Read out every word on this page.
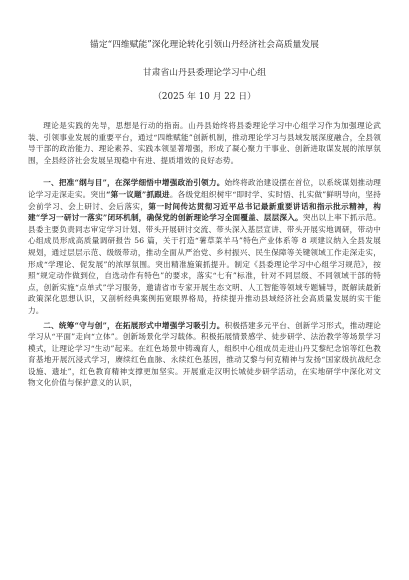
锚定“四维赋能”深化理论转化引领山丹经济社会高质量发展

甘肃省山丹县委理论学习中心组

（2025 年 10 月 22 日）

理论是实践的先导，思想是行动的指南。山丹县始终将县委理论学习中心组学习作为加强理论武装、引领事业发展的重要平台，通过“四维赋能”创新机制，推动理论学习与县域发展深度融合，全县领导干部的政治能力、理论素养、实践本领显著增强，形成了凝心聚力干事业、创新进取谋发展的浓厚氛围，全县经济社会发展呈现稳中有进、提质增效的良好态势。

一、把准“纲与目”，在深学细悟中增强政治引领力。始终将政治建设摆在首位，以系统谋划推动理论学习走深走实。突出“第一议题”抓跟进。各级党组织树牢“即时学、实时悟、扎实做”鲜明导向，坚持会前学习、会上研讨、会后落实，第一时间传达贯彻习近平总书记最新重要讲话和指示批示精神，构建“学习一研讨一落实”闭环机制，确保党的创新理论学习全面覆盖、层层深入。突出以上率下抓示范。县委主要负责同志审定学习计划、带头开展研讨交流、带头深入基层宣讲、带头开展实地调研，带动中心组成员形成高质量调研报告 56 篇，关于打造“薯草菜羊马”特色产业体系等 8 项建议纳入全县发展规划，通过层层示范、级级带动，推动全面从严治党、乡村振兴、民生保障等关键领域工作走深走实，形成“学理论、促发展”的浓厚氛围。突出精准施策抓提升。制定《县委理论学习中心组学习规范》，按照“规定动作做到位，自选动作有特色”的要求，落实“七有”标准，针对不同层级、不同领域干部的特点，创新实施“点单式”学习服务，邀请省市专家开展生态文明、人工智能等领域专题辅导，既解读最新政策深化思想认识，又剖析经典案例拓宽眼界格局，持续提升推动县域经济社会高质量发展的实干能力。

二、统筹“守与创”，在拓展形式中增强学习吸引力。积极搭建多元平台、创新学习形式，推动理论学习从“平面”走向“立体”。创新场景化学习载体。积极拓展情景感学、徒步研学、法治教学等场景学习模式，让理论学习“生动”起来。在红色场景中铸魂育人，组织中心组成员走进山丹艾黎纪念馆等红色教育基地开展沉浸式学习，赓续红色血脉、永续红色基因，推动艾黎与何克精神与发扬“国家级抗战纪念设施、遗址”，红色教育精神支撑更加坚实。开展重走汉明长城徒步研学活动，在实地研学中深化对文物文化价值与保护意义的认识，
